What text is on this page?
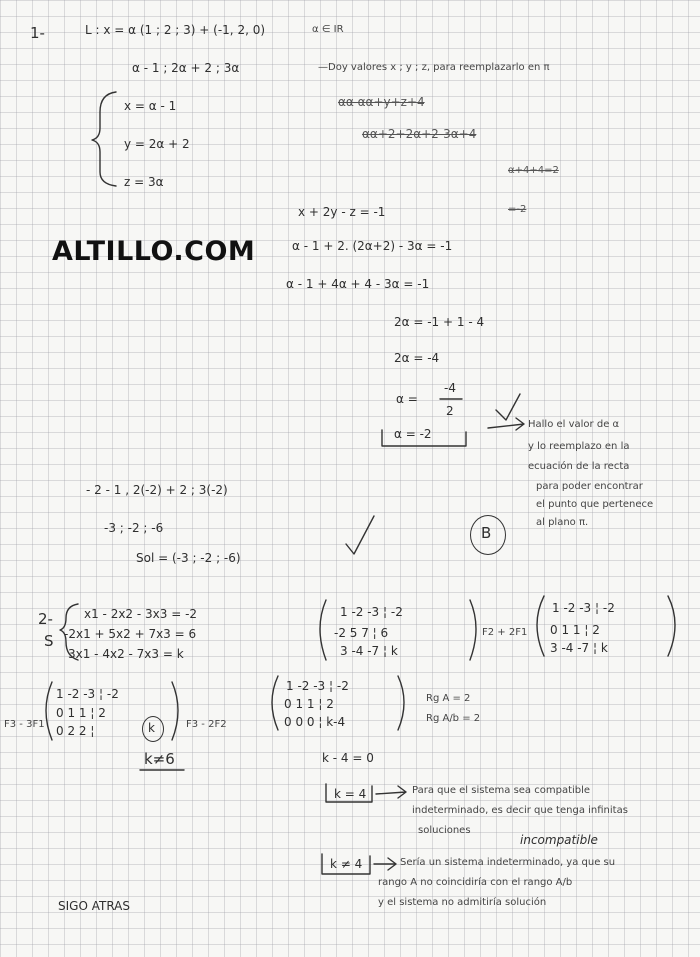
ALTILLO.COM
1-	L : x = α (1 ; 2 ; 3) + (-1, 2, 0)	α ∈ IR
α - 1 ; 2α + 2 ; 3α	—Doy valores x ; y ; z, para reemplazarlo en π
x = α - 1
y = 2α + 2
z = 3α
αα αα+y+z+4
αα+2+2α+2-3α+4
α+4+4=2
=-2
x + 2y - z = -1
α - 1 + 2. (2α+2) - 3α = -1
α - 1 + 4α + 4 - 3α = -1
2α = -1 + 1 - 4
2α = -4
α =
-4
2
α = -2
Hallo el valor de α
y lo reemplazo en la
ecuación de la recta
para poder encontrar
el punto que pertenece
al plano π.
- 2 - 1 , 2(-2) + 2 ; 3(-2)
-3 ; -2 ; -6
Sol = (-3 ; -2 ; -6)
B
2-
S
x1 - 2x2 - 3x3 = -2
-2x1 + 5x2 + 7x3 = 6
3x1 - 4x2 - 7x3 = k
1 -2 -3 ¦ -2
-2 5 7 ¦ 6
3 -4 -7 ¦ k
F2 + 2F1
1 -2 -3 ¦ -2
0 1 1 ¦ 2
3 -4 -7 ¦ k
1 -2 -3 ¦ -2
0 1 1 ¦ 2
0 2 2 ¦	k
F3 - 3F1	F3 - 2F2
k≠6
1 -2 -3 ¦ -2
0 1 1 ¦ 2
0 0 0 ¦ k-4
Rg A = 2
Rg A/b = 2
k - 4 = 0
k = 4	Para que el sistema sea compatible
indeterminado, es decir que tenga infinitas
soluciones
incompatible
k ≠ 4	Sería un sistema indeterminado, ya que su
rango A no coincidiría con el rango A/b
y el sistema no admitiría solución
SIGO ATRAS
